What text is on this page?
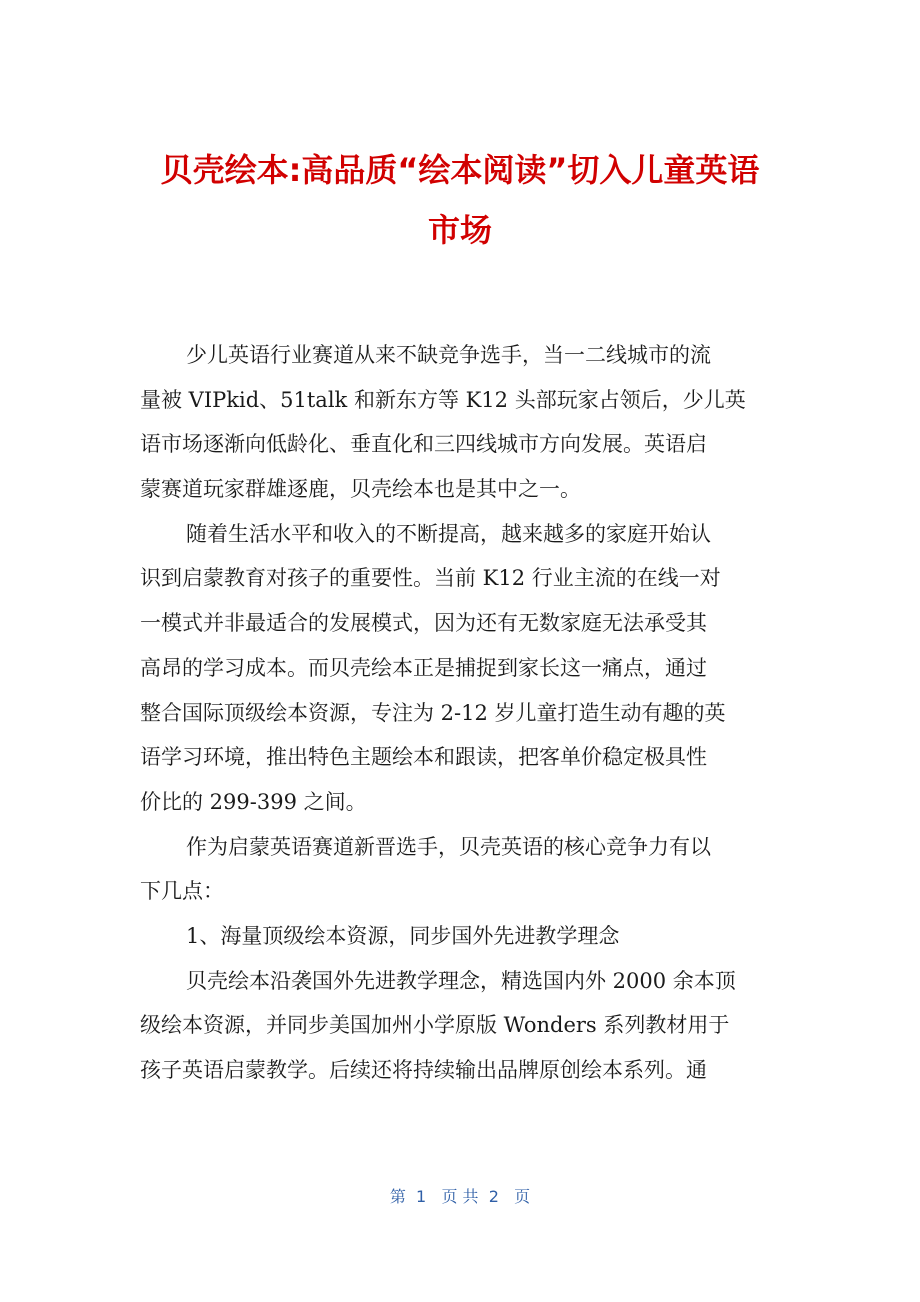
贝壳绘本:高品质“绘本阅读”切入儿童英语
市场
少儿英语行业赛道从来不缺竞争选手，当一二线城市的流
量被 VIPkid、51talk 和新东方等 K12 头部玩家占领后，少儿英
语市场逐渐向低龄化、垂直化和三四线城市方向发展。英语启
蒙赛道玩家群雄逐鹿，贝壳绘本也是其中之一。
随着生活水平和收入的不断提高，越来越多的家庭开始认
识到启蒙教育对孩子的重要性。当前 K12 行业主流的在线一对
一模式并非最适合的发展模式，因为还有无数家庭无法承受其
高昂的学习成本。而贝壳绘本正是捕捉到家长这一痛点，通过
整合国际顶级绘本资源，专注为 2-12 岁儿童打造生动有趣的英
语学习环境，推出特色主题绘本和跟读，把客单价稳定极具性
价比的 299-399 之间。
作为启蒙英语赛道新晋选手，贝壳英语的核心竞争力有以
下几点：
1、海量顶级绘本资源，同步国外先进教学理念
贝壳绘本沿袭国外先进教学理念，精选国内外 2000 余本顶
级绘本资源，并同步美国加州小学原版 Wonders 系列教材用于
孩子英语启蒙教学。后续还将持续输出品牌原创绘本系列。通
第  1   页 共  2   页
